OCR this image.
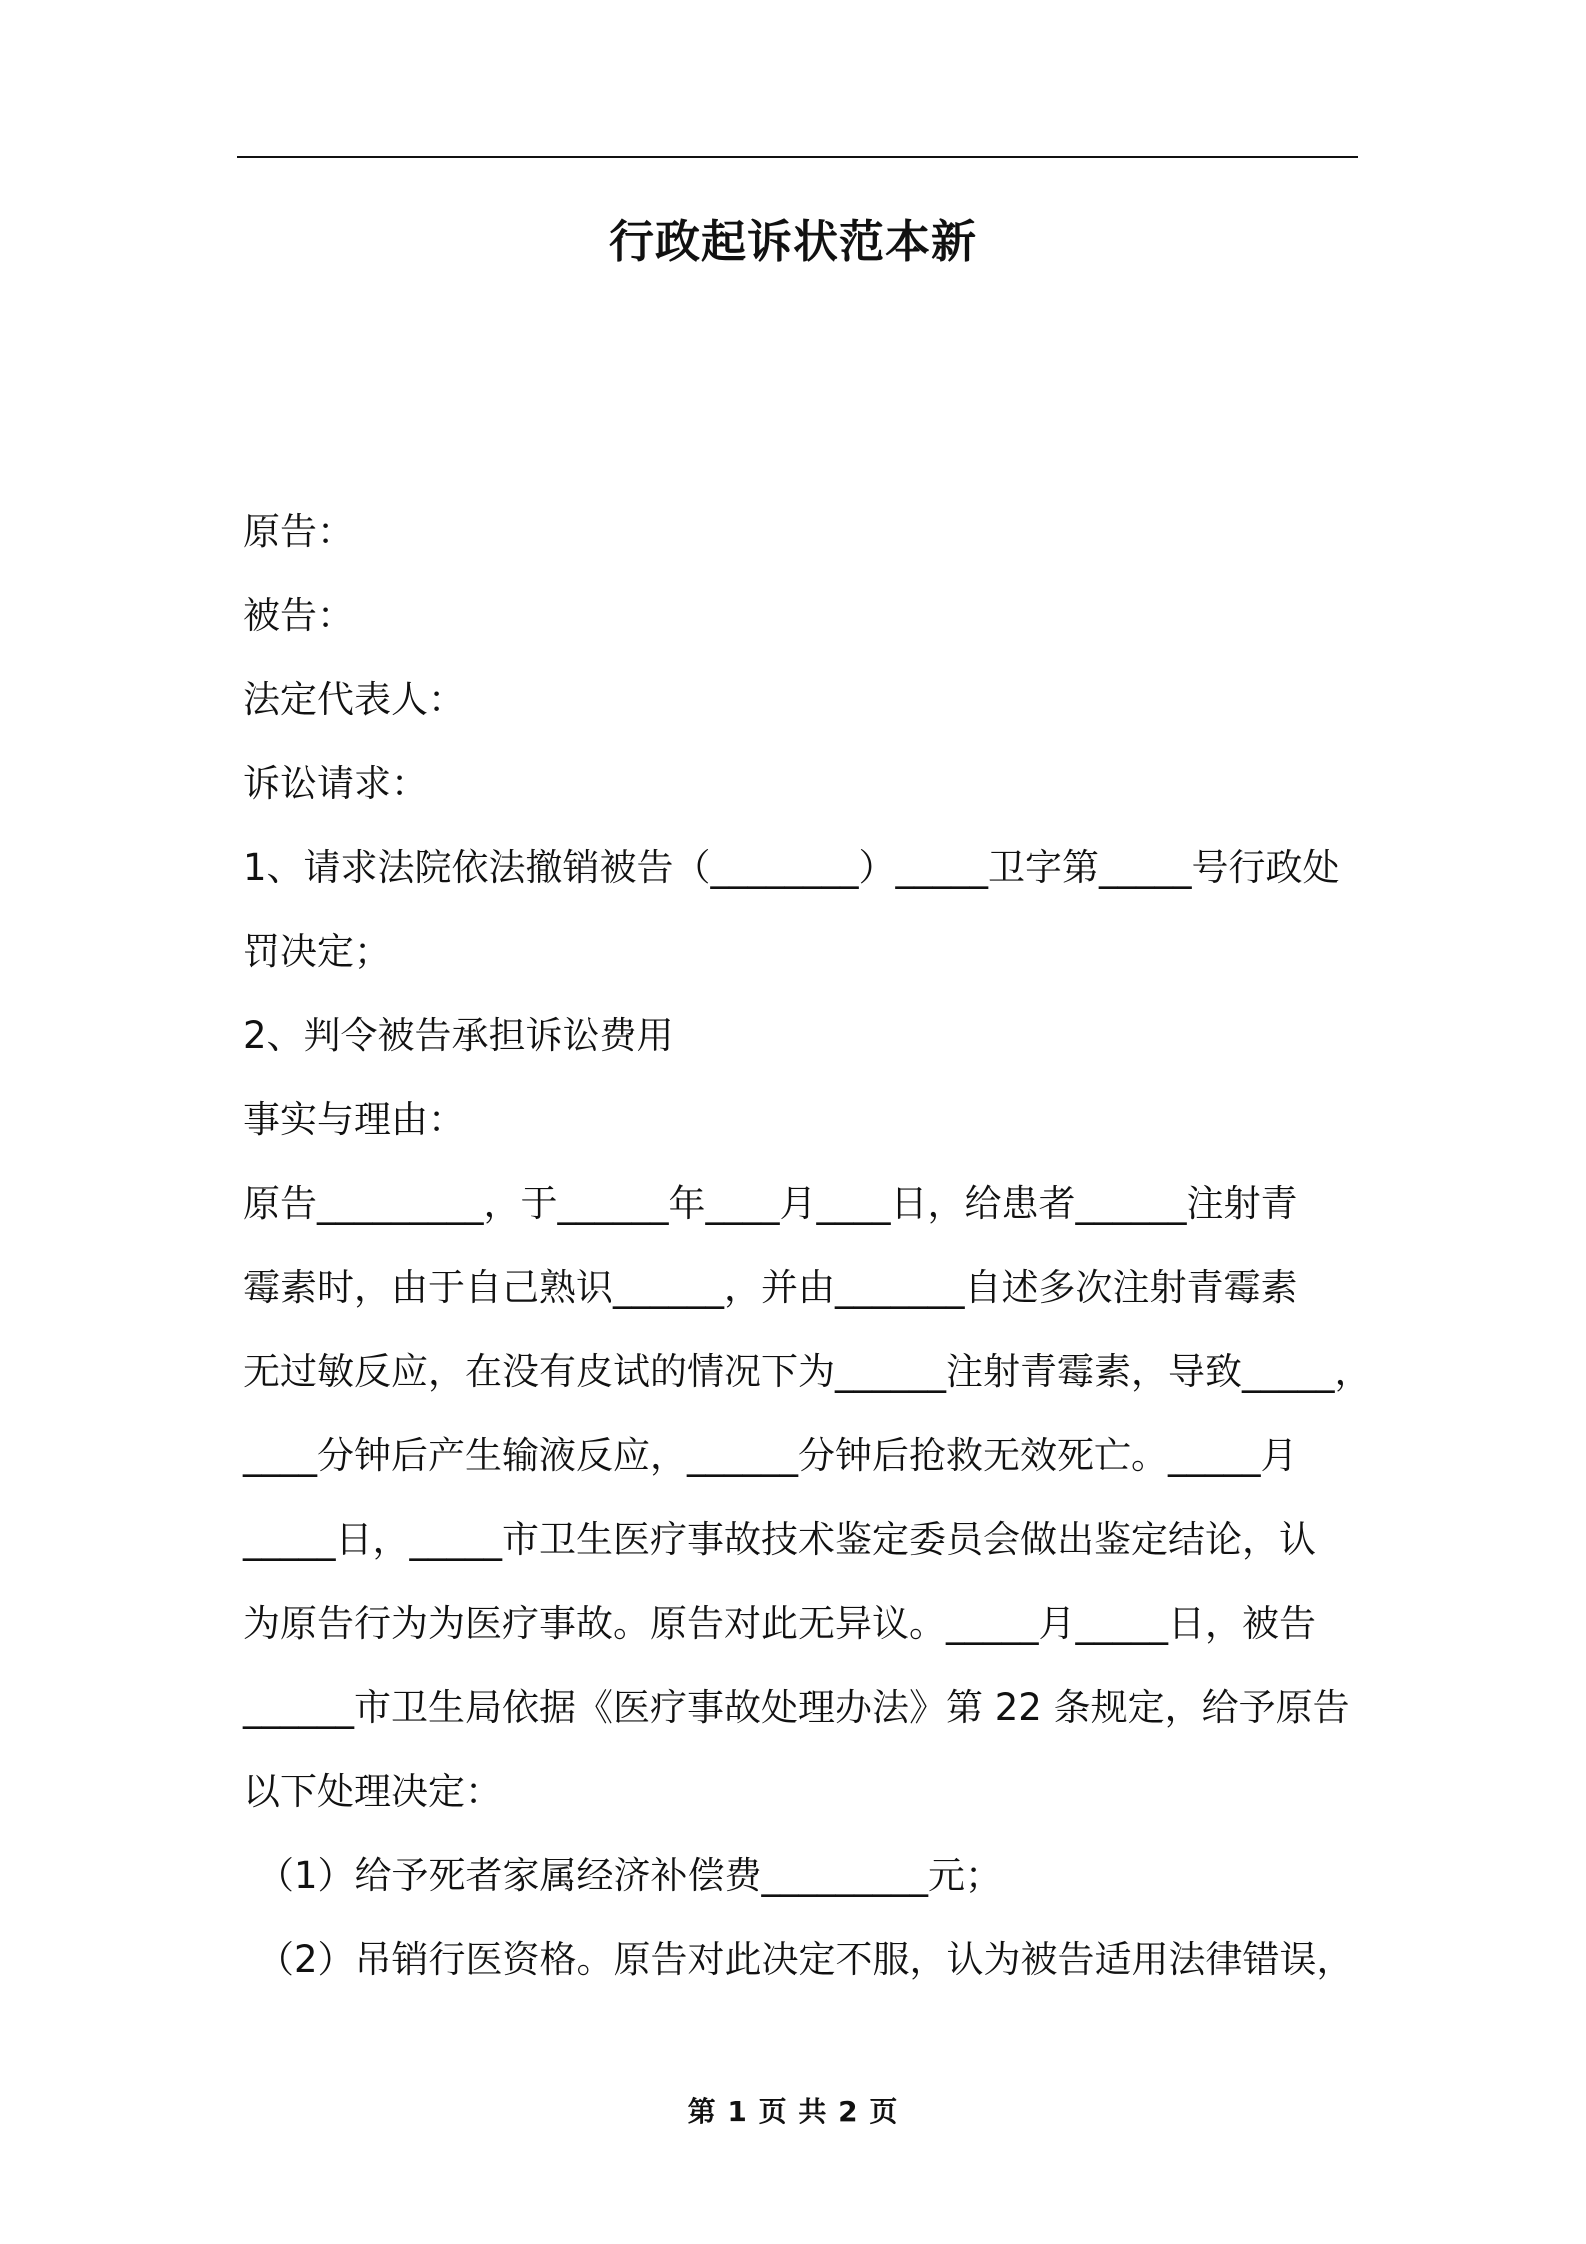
行政起诉状范本新
原告：
被告：
法定代表人：
诉讼请求：
1、请求法院依法撤销被告（________）_____卫字第_____号行政处
罚决定；
2、判令被告承担诉讼费用
事实与理由：
原告_________，于______年____月____日，给患者______注射青
霉素时，由于自己熟识______，并由_______自述多次注射青霉素
无过敏反应，在没有皮试的情况下为______注射青霉素，导致_____，
____分钟后产生输液反应，______分钟后抢救无效死亡。_____月
_____日，_____市卫生医疗事故技术鉴定委员会做出鉴定结论，认
为原告行为为医疗事故。原告对此无异议。_____月_____日，被告
______市卫生局依据《医疗事故处理办法》第 22 条规定，给予原告
以下处理决定：
（1）给予死者家属经济补偿费_________元；
（2）吊销行医资格。原告对此决定不服，认为被告适用法律错误，
第 1 页 共 2 页
